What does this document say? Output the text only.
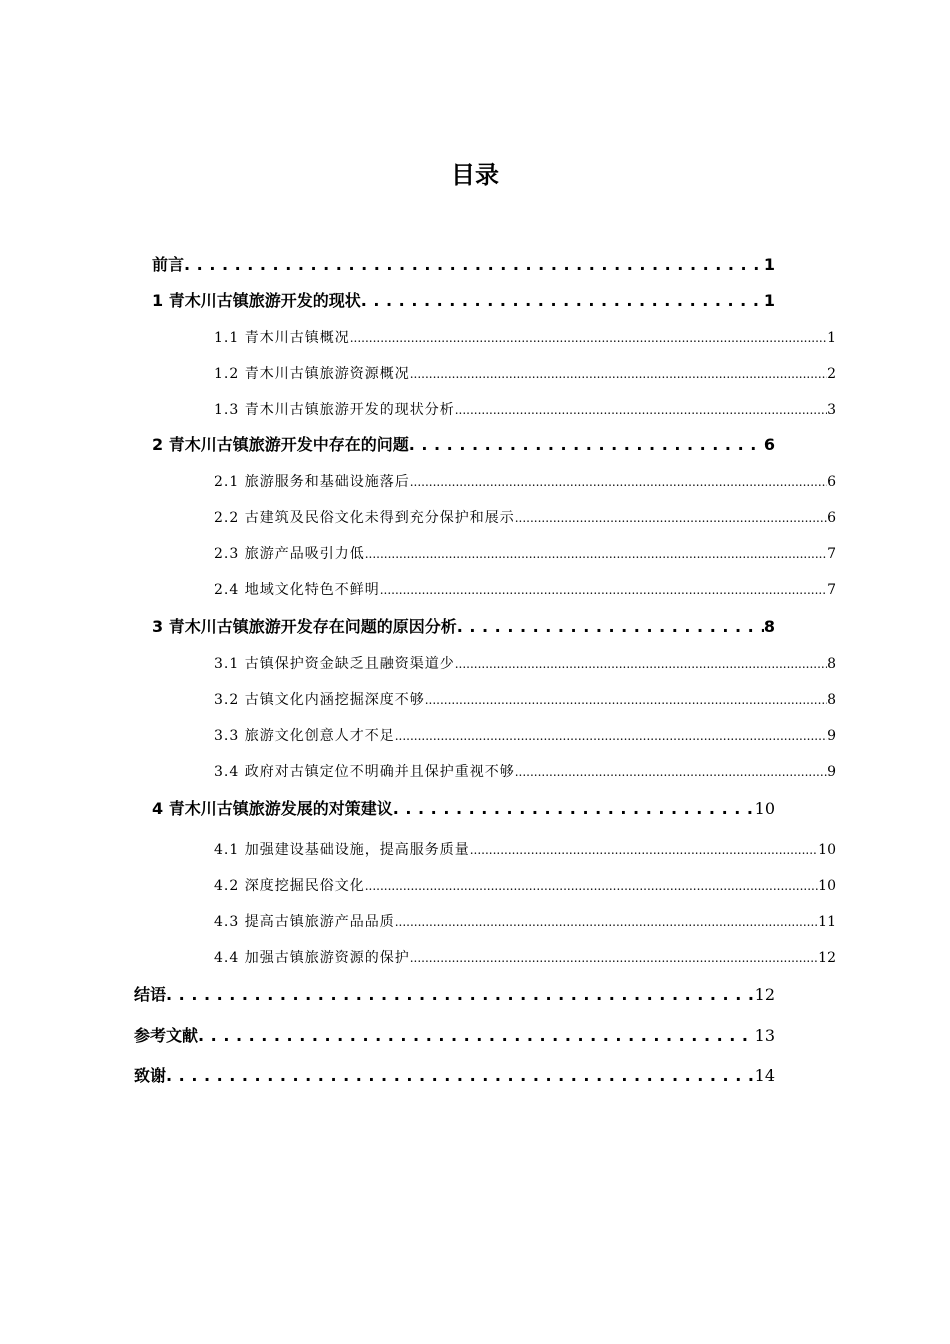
目录
前言 . . .	1
1 青木川古镇旅游开发的现状 . . .	1
1.1 青木川古镇概况 .....	1
1.2 青木川古镇旅游资源概况 .....	2
1.3 青木川古镇旅游开发的现状分析 .....	3
2 青木川古镇旅游开发中存在的问题 . . .	6
2.1 旅游服务和基础设施落后 .....	6
2.2 古建筑及民俗文化未得到充分保护和展示 .....	6
2.3 旅游产品吸引力低 .....	7
2.4 地域文化特色不鲜明 .....	7
3 青木川古镇旅游开发存在问题的原因分析 . . .	8
3.1 古镇保护资金缺乏且融资渠道少 .....	8
3.2 古镇文化内涵挖掘深度不够 .....	8
3.3 旅游文化创意人才不足 .....	9
3.4 政府对古镇定位不明确并且保护重视不够 .....	9
4 青木川古镇旅游发展的对策建议 . . .	10
4.1 加强建设基础设施，提高服务质量 .....	10
4.2 深度挖掘民俗文化 .....	10
4.3 提高古镇旅游产品品质 .....	11
4.4 加强古镇旅游资源的保护 .....	12
结语 . . .	12
参考文献 . . .	13
致谢 . . .	14
